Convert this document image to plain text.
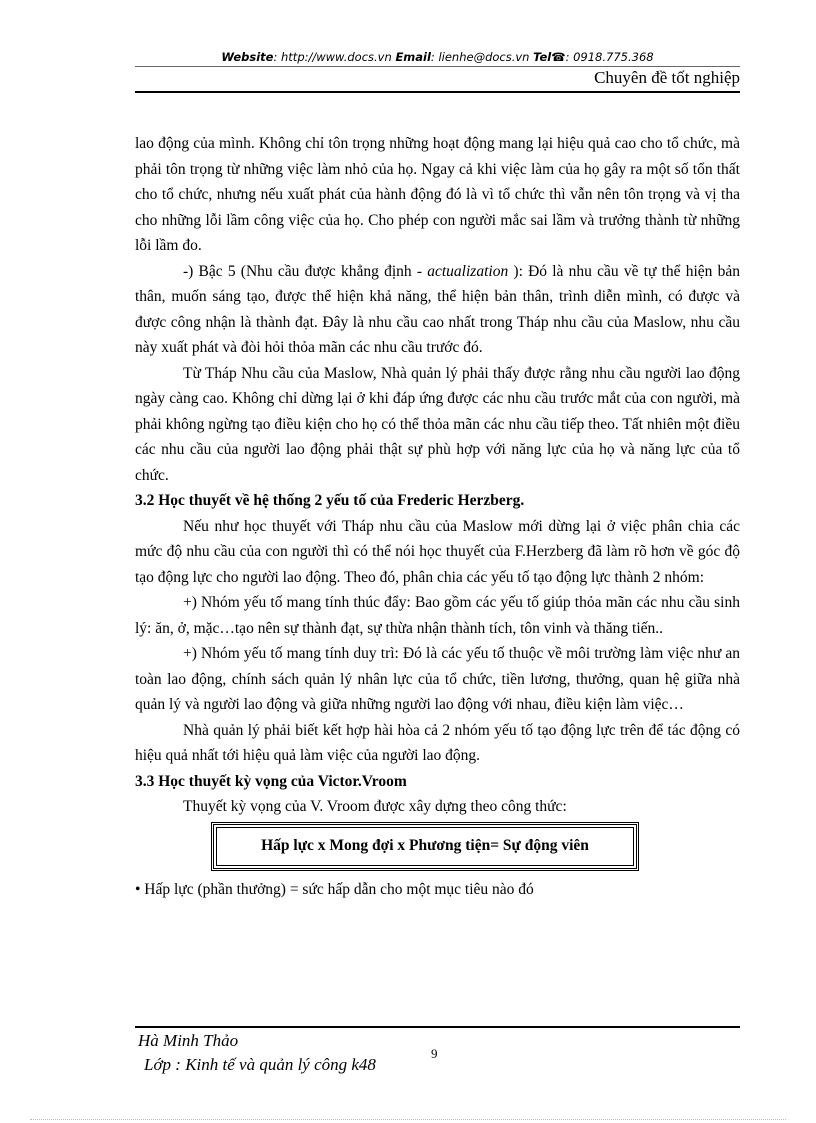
Website: http://www.docs.vn Email: lienhe@docs.vn Tel☎: 0918.775.368
Chuyên đề tốt nghiệp

lao động của mình. Không chỉ tôn trọng những hoạt động mang lại hiệu quả cao cho tổ chức, mà phải tôn trọng từ những việc làm nhỏ của họ. Ngay cả khi việc làm của họ gây ra một số tổn thất cho tổ chức, nhưng nếu xuất phát của hành động đó là vì tổ chức thì vẫn nên tôn trọng và vị tha cho những lỗi lầm công việc của họ. Cho phép con người mắc sai lầm và trưởng thành từ những lỗi lầm đo.

-) Bậc 5 (Nhu cầu được khẳng định - actualization ): Đó là nhu cầu về tự thể hiện bản thân, muốn sáng tạo, được thể hiện khả năng, thể hiện bản thân, trình diễn mình, có được và được công nhận là thành đạt. Đây là nhu cầu cao nhất trong Tháp nhu cầu của Maslow, nhu cầu này xuất phát và đòi hỏi thỏa mãn các nhu cầu trước đó.

Từ Tháp Nhu cầu của Maslow, Nhà quản lý phải thấy được rằng nhu cầu người lao động ngày càng cao. Không chỉ dừng lại ở khi đáp ứng được các nhu cầu trước mắt của con người, mà phải không ngừng tạo điều kiện cho họ có thể thỏa mãn các nhu cầu tiếp theo. Tất nhiên một điều các nhu cầu của người lao động phải thật sự phù hợp với năng lực của họ và năng lực của tổ chức.

3.2 Học thuyết về hệ thống 2 yếu tố của Frederic Herzberg.

Nếu như học thuyết với Tháp nhu cầu của Maslow mới dừng lại ở việc phân chia các mức độ nhu cầu của con người thì có thể nói học thuyết của F.Herzberg đã làm rõ hơn về góc độ tạo động lực cho người lao động. Theo đó, phân chia các yếu tố tạo động lực thành 2 nhóm:

+) Nhóm yếu tố mang tính thúc đẩy: Bao gồm các yếu tố giúp thỏa mãn các nhu cầu sinh lý: ăn, ở, mặc…tạo nên sự thành đạt, sự thừa nhận thành tích, tôn vinh và thăng tiến..

+) Nhóm yếu tố mang tính duy trì: Đó là các yếu tố thuộc về môi trường làm việc như an toàn lao động, chính sách quản lý nhân lực của tổ chức, tiền lương, thưởng, quan hệ giữa nhà quản lý và người lao động và giữa những người lao động với nhau, điều kiện làm việc…

Nhà quản lý phải biết kết hợp hài hòa cả 2 nhóm yếu tố tạo động lực trên để tác động có hiệu quả nhất tới hiệu quả làm việc của người lao động.

3.3 Học thuyết kỳ vọng của Victor.Vroom

Thuyết kỳ vọng của V. Vroom được xây dựng theo công thức:

Hấp lực x Mong đợi x Phương tiện= Sự động viên

• Hấp lực (phần thưởng) = sức hấp dẫn cho một mục tiêu nào đó

Hà Minh Thảo
Lớp : Kinh tế và quản lý công k48
9
